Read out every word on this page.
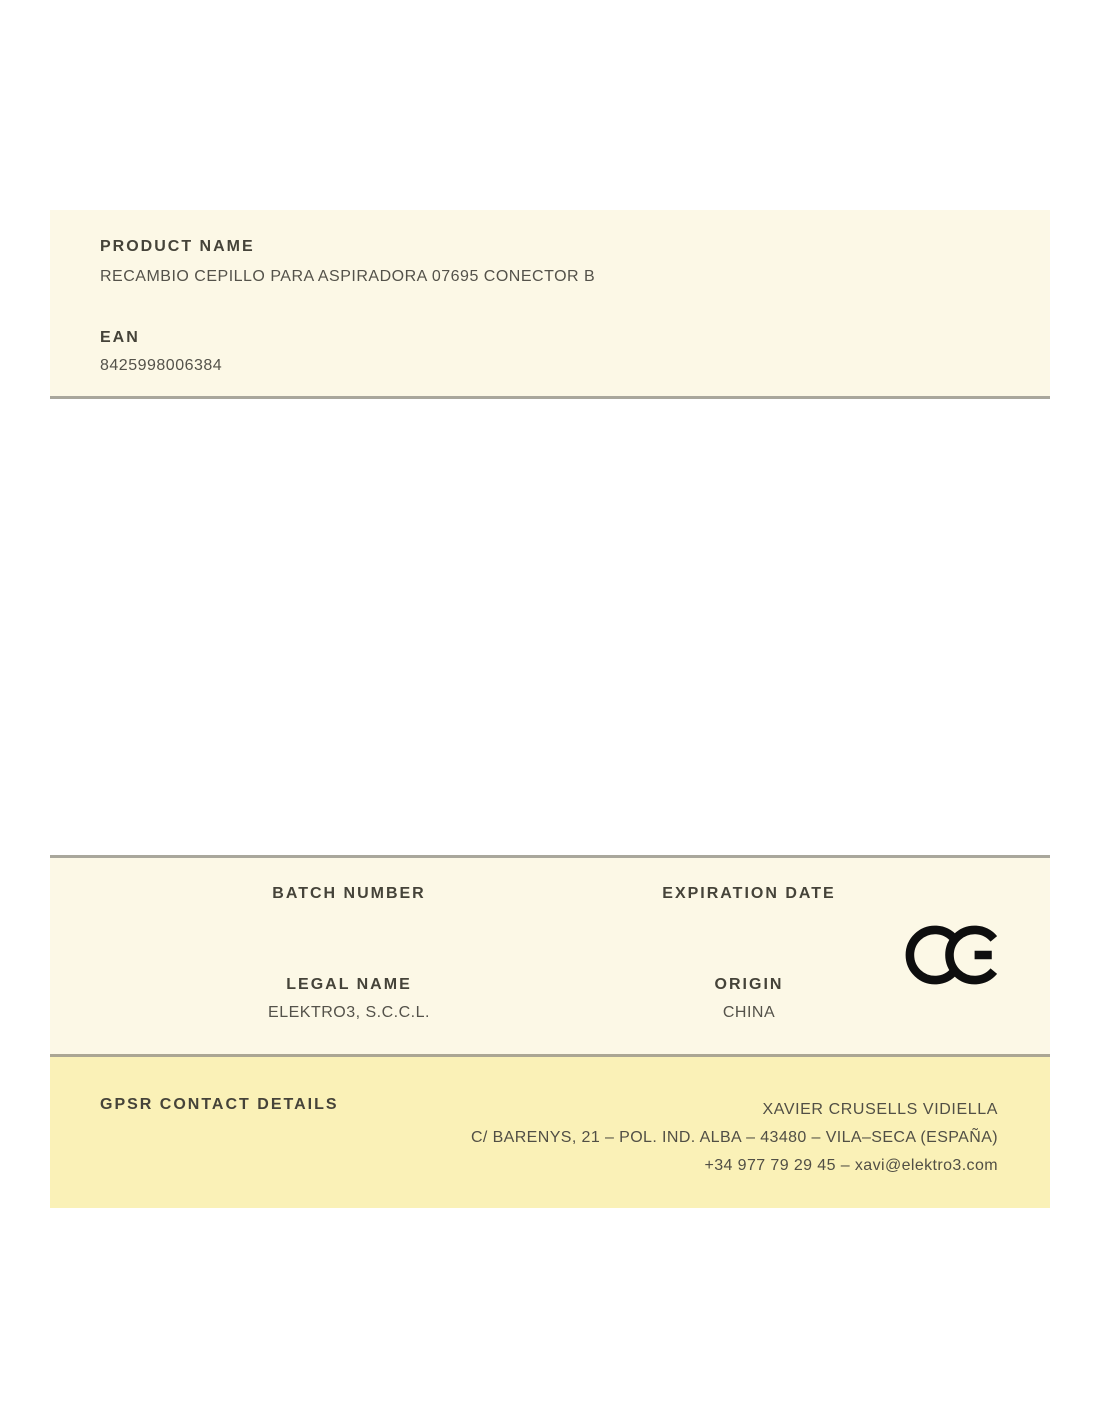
PRODUCT NAME
RECAMBIO CEPILLO PARA ASPIRADORA 07695 CONECTOR B
EAN
8425998006384
BATCH NUMBER	EXPIRATION DATE
LEGAL NAME
ELEKTRO3, S.C.C.L.
ORIGIN
CHINA
GPSR CONTACT DETAILS	XAVIER CRUSELLS VIDIELLA
C/ BARENYS, 21 – POL. IND. ALBA – 43480 – VILA–SECA (ESPAÑA)
+34 977 79 29 45 – xavi@elektro3.com
